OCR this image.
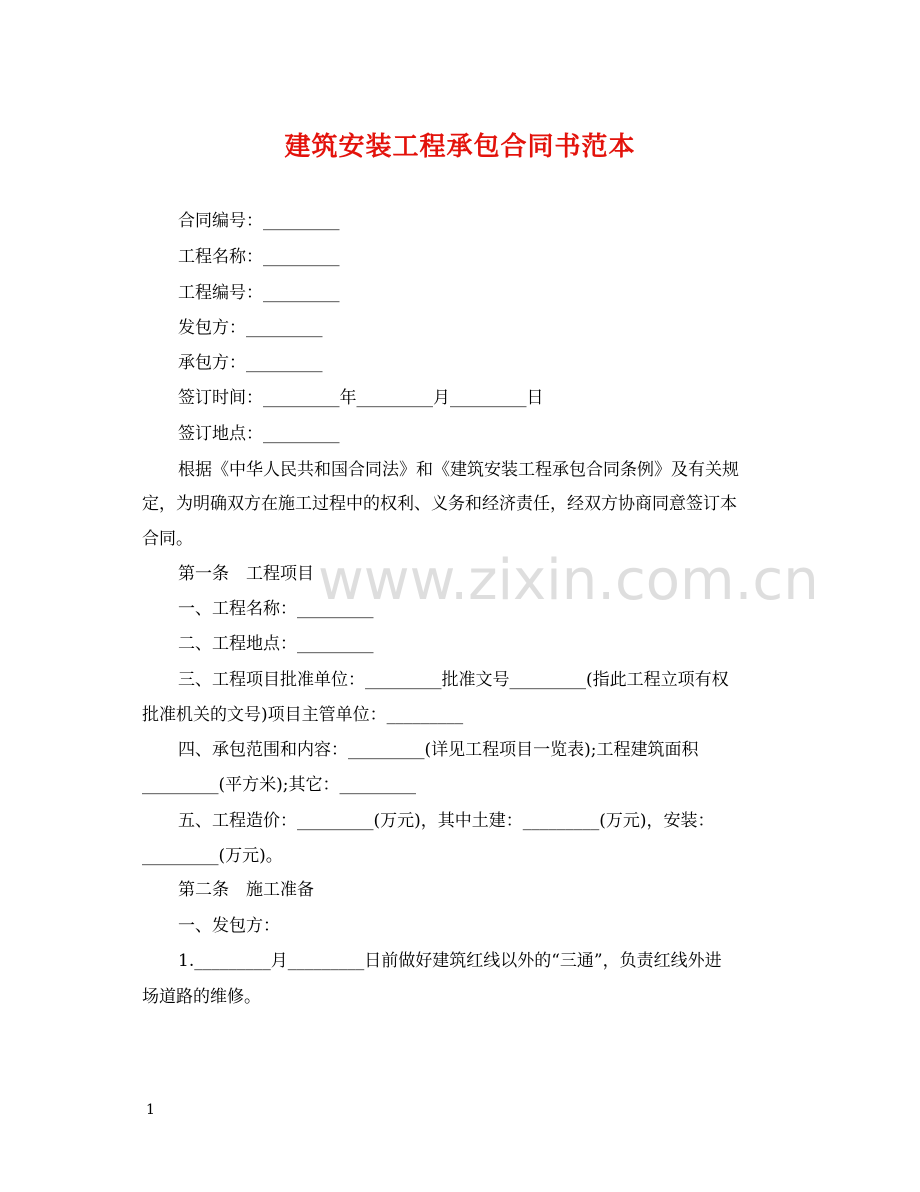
建筑安装工程承包合同书范本
www.zixin.com.cn
合同编号：_________
工程名称：_________
工程编号：_________
发包方：_________
承包方：_________
签订时间：_________年_________月_________日
签订地点：_________
根据《中华人民共和国合同法》和《建筑安装工程承包合同条例》及有关规
定，为明确双方在施工过程中的权利、义务和经济责任，经双方协商同意签订本
合同。
第一条　工程项目
一、工程名称：_________
二、工程地点：_________
三、工程项目批准单位：_________批准文号_________(指此工程立项有权
批准机关的文号)项目主管单位：_________
四、承包范围和内容：_________(详见工程项目一览表);工程建筑面积
_________(平方米);其它：_________
五、工程造价：_________(万元)，其中土建：_________(万元)，安装：
_________(万元)。
第二条　施工准备
一、发包方：
1._________月_________日前做好建筑红线以外的“三通”，负责红线外进
场道路的维修。
1
